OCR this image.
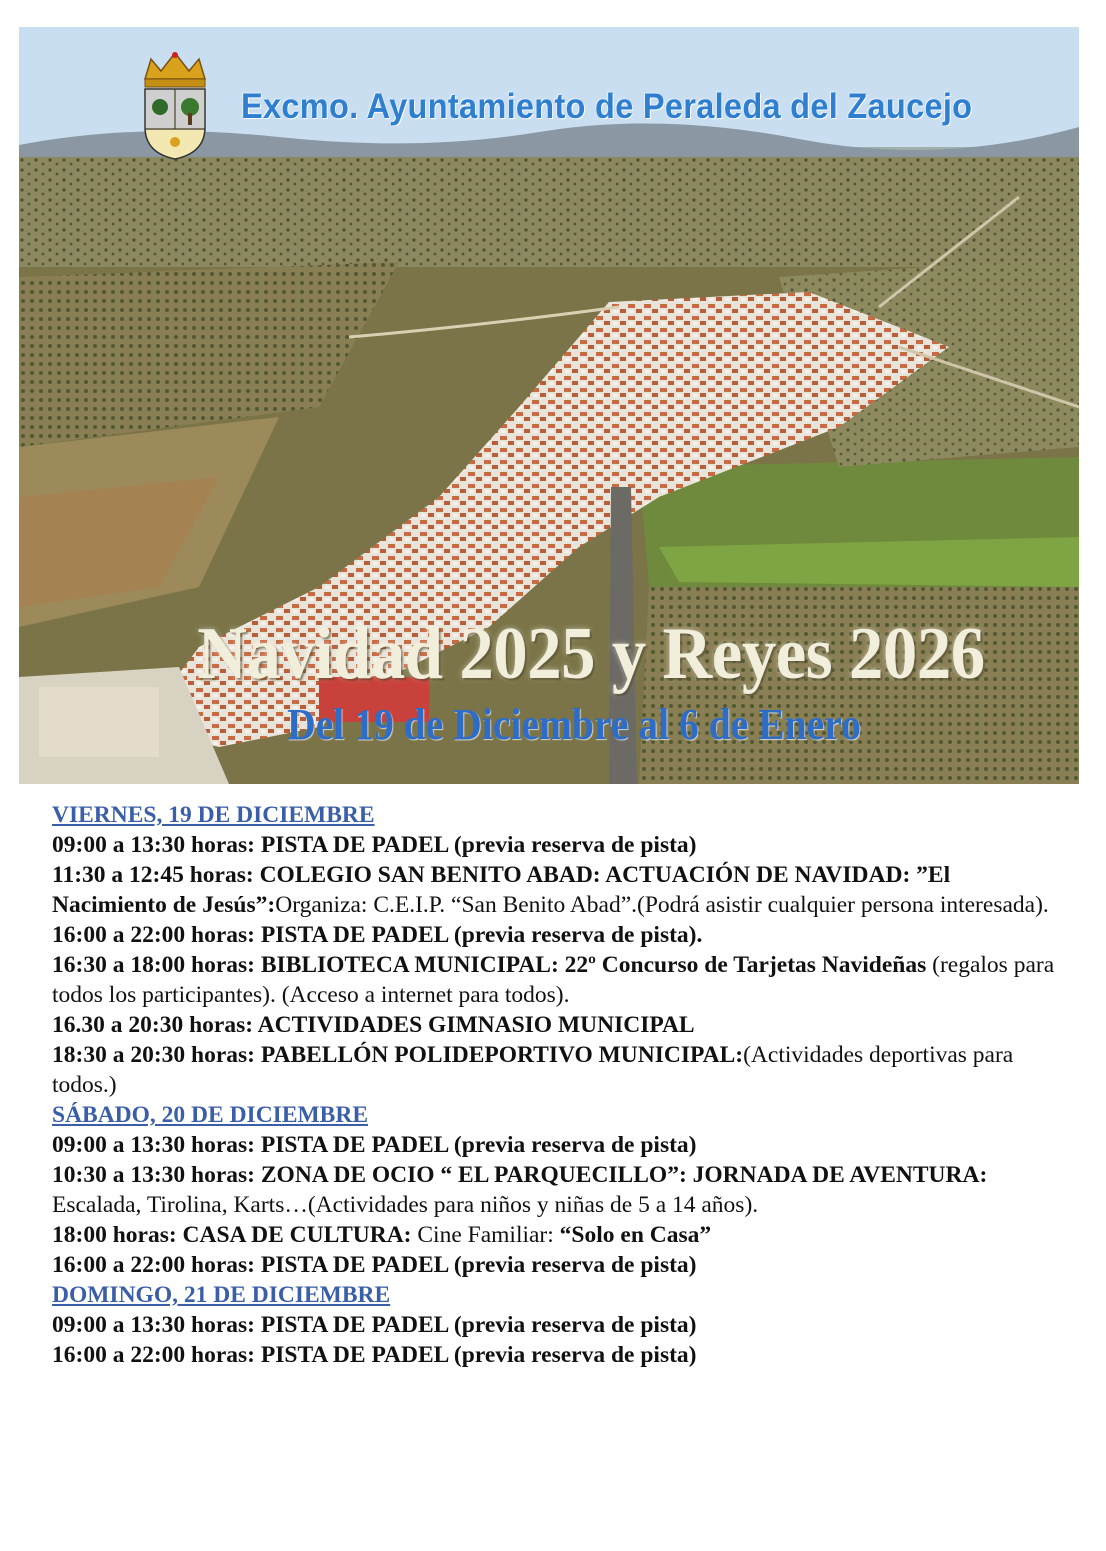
Excmo. Ayuntamiento de Peraleda del Zaucejo
Navidad 2025 y Reyes 2026
Del 19 de Diciembre al 6 de Enero
VIERNES, 19 DE DICIEMBRE

09:00 a 13:30 horas: PISTA DE PADEL (previa reserva de pista)

11:30 a 12:45 horas: COLEGIO SAN BENITO ABAD: ACTUACIÓN DE NAVIDAD: ”El Nacimiento de Jesús”:Organiza: C.E.I.P. “San Benito Abad”.(Podrá asistir cualquier persona interesada).

16:00 a 22:00 horas: PISTA DE PADEL (previa reserva de pista).

16:30 a 18:00 horas: BIBLIOTECA MUNICIPAL: 22º Concurso de Tarjetas Navideñas (regalos para todos los participantes). (Acceso a internet para todos).

16.30 a 20:30 horas: ACTIVIDADES GIMNASIO MUNICIPAL

18:30 a 20:30 horas: PABELLÓN POLIDEPORTIVO MUNICIPAL:(Actividades deportivas para todos.)

SÁBADO, 20 DE DICIEMBRE

09:00 a 13:30 horas: PISTA DE PADEL (previa reserva de pista)

10:30 a 13:30 horas: ZONA DE OCIO “ EL PARQUECILLO”: JORNADA DE AVENTURA: Escalada, Tirolina, Karts…(Actividades para niños y niñas de 5 a 14 años).

18:00 horas: CASA DE CULTURA: Cine Familiar: “Solo en Casa”

16:00 a 22:00 horas: PISTA DE PADEL (previa reserva de pista)

DOMINGO, 21 DE DICIEMBRE

09:00 a 13:30 horas: PISTA DE PADEL (previa reserva de pista)

16:00 a 22:00 horas: PISTA DE PADEL (previa reserva de pista)
